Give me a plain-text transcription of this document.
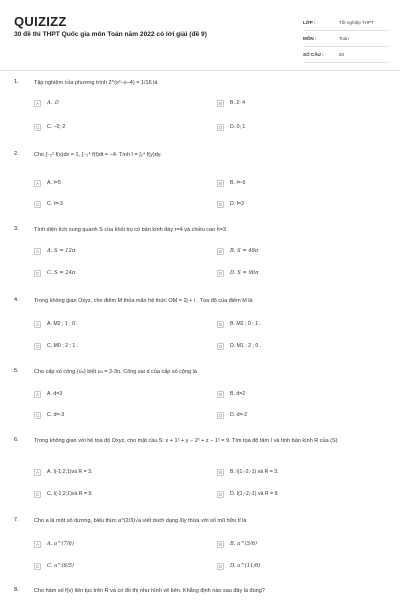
QUIZIZZ
30 đề thi THPT Quốc gia môn Toán năm 2022 có lời giải (đề 9)
LỚP :	Tốt nghiệp THPT
MÔN :	Toán
SỐ CÂU :	50
1.	Tập nghiệm của phương trình 2^(x²−x−4) = 1/16 là
A	A. ∅	B	B. 2; 4
C	C. −2; 2	D	D. 0; 1
2.	Cho ∫₋₂² f(x)dx = 1, ∫₋₂⁴ f(t)dt = −4. Tính I = ∫₂⁴ f(y)dy.
A	A. I=5	B	B. I=-5
C	C. I=-3	D	D. I=3
3.	Tính diện tích xung quanh S của khối trụ có bán kính đáy r=4 và chiều cao h=3
A	A. S = 12π	B	B. S = 48π
C	C. S = 24π	D	D. S = 96π
4.	Trong không gian Oxyz, cho điểm M thỏa mãn hệ thức OM = 2j + i . Tọa độ của điểm M là
A	A. M2 ; 1 ; 0 .	B	B. M2 ; 0 ; 1 .
C	C. M0 ; 2 ; 1 .	D	D. M1 ; 2 ; 0 .
5.	Cho cấp số cộng (uₙ) biết uₙ = 2-3n. Công sai d của cấp số cộng là
A	A. d=3	B	B. d=2
C	C. d=-3	D	D. d=-2
6.	Trong không gian với hệ tọa độ Oxyz, cho mặt cầu S: x + 1² + y − 2² + z − 1² = 9. Tìm tọa độ tâm I và tính bán kính R của (S)
A	A. I(-1;2;1)và R = 3.	B	B. I(1;-2;-1) và R = 3.
C	C. I(-1;2;1)và R = 9.	D	D. I(1;-2;-1) và R = 9.
7.	Cho a là một số dương, biểu thức a^(2/3)√a viết dưới dạng lũy thừa với số mũ hữu tỉ là
A	A. a^(7/6)	B	B. a^(5/6)
C	C. a^(6/5)	D	D. a^(11/6)
8.	Cho hàm số f(x) liên tục trên R và có đồ thị như hình vẽ bên. Khẳng định nào sau đây là đúng?
